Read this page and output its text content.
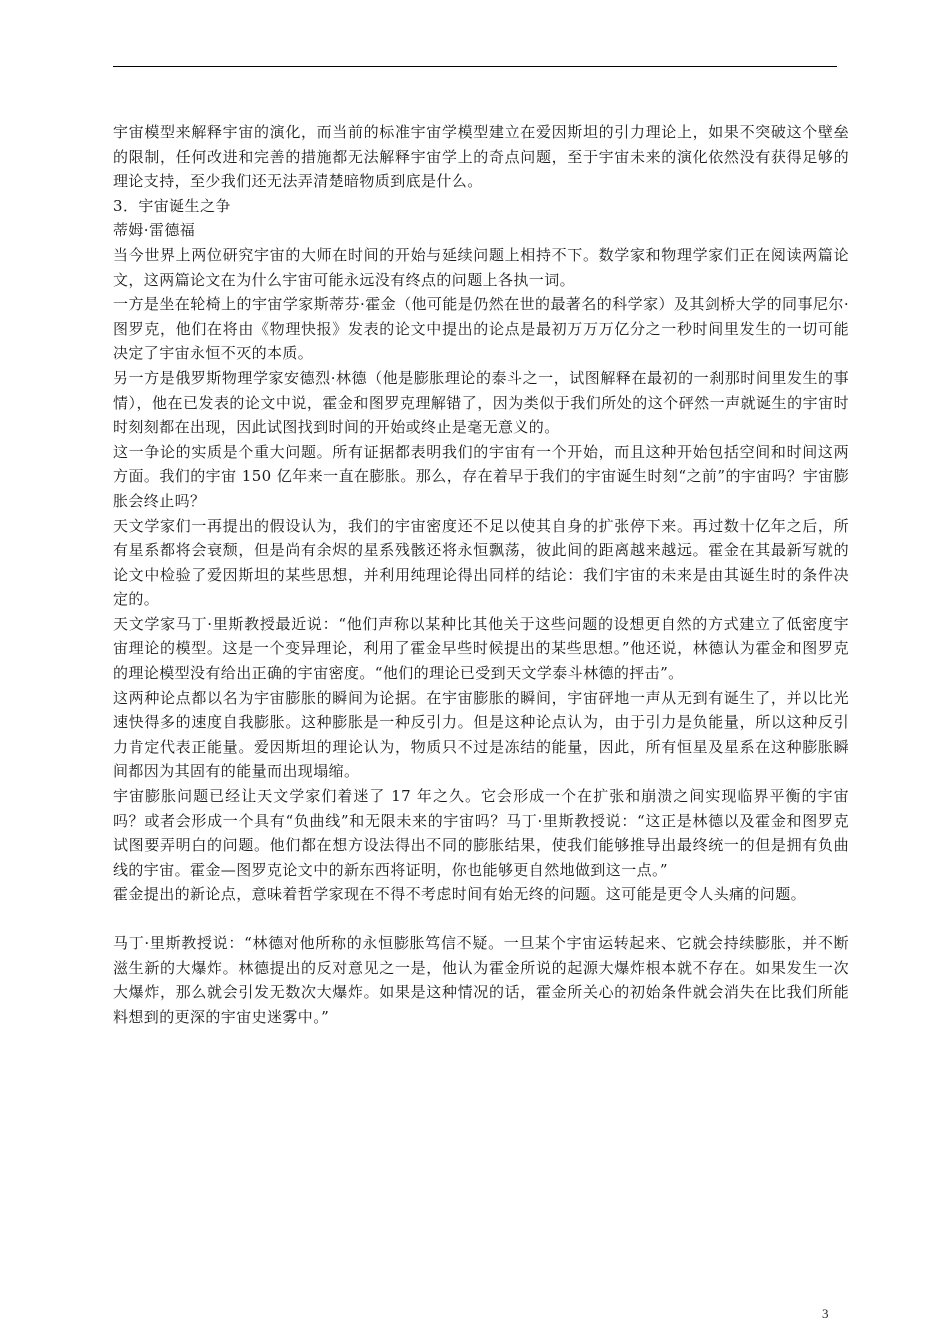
宇宙模型来解释宇宙的演化，而当前的标准宇宙学模型建立在爱因斯坦的引力理论上，如果不突破这个壁垒的限制，任何改进和完善的措施都无法解释宇宙学上的奇点问题，至于宇宙未来的演化依然没有获得足够的理论支持，至少我们还无法弄清楚暗物质到底是什么。

3．宇宙诞生之争

蒂姆·雷德福

当今世界上两位研究宇宙的大师在时间的开始与延续问题上相持不下。数学家和物理学家们正在阅读两篇论文，这两篇论文在为什么宇宙可能永远没有终点的问题上各执一词。

一方是坐在轮椅上的宇宙学家斯蒂芬·霍金（他可能是仍然在世的最著名的科学家）及其剑桥大学的同事尼尔·图罗克，他们在将由《物理快报》发表的论文中提出的论点是最初万万万亿分之一秒时间里发生的一切可能决定了宇宙永恒不灭的本质。

另一方是俄罗斯物理学家安德烈·林德（他是膨胀理论的泰斗之一，试图解释在最初的一刹那时间里发生的事情），他在已发表的论文中说，霍金和图罗克理解错了，因为类似于我们所处的这个砰然一声就诞生的宇宙时时刻刻都在出现，因此试图找到时间的开始或终止是毫无意义的。

这一争论的实质是个重大问题。所有证据都表明我们的宇宙有一个开始，而且这种开始包括空间和时间这两方面。我们的宇宙 150 亿年来一直在膨胀。那么，存在着早于我们的宇宙诞生时刻“之前”的宇宙吗？宇宙膨胀会终止吗？

天文学家们一再提出的假设认为，我们的宇宙密度还不足以使其自身的扩张停下来。再过数十亿年之后，所有星系都将会衰颓，但是尚有余烬的星系残骸还将永恒飘荡，彼此间的距离越来越远。霍金在其最新写就的论文中检验了爱因斯坦的某些思想，并利用纯理论得出同样的结论：我们宇宙的未来是由其诞生时的条件决定的。

天文学家马丁·里斯教授最近说：“他们声称以某种比其他关于这些问题的设想更自然的方式建立了低密度宇宙理论的模型。这是一个变异理论，利用了霍金早些时候提出的某些思想。”他还说，林德认为霍金和图罗克的理论模型没有给出正确的宇宙密度。“他们的理论已受到天文学泰斗林德的抨击”。

这两种论点都以名为宇宙膨胀的瞬间为论据。在宇宙膨胀的瞬间，宇宙砰地一声从无到有诞生了，并以比光速快得多的速度自我膨胀。这种膨胀是一种反引力。但是这种论点认为，由于引力是负能量，所以这种反引力肯定代表正能量。爱因斯坦的理论认为，物质只不过是冻结的能量，因此，所有恒星及星系在这种膨胀瞬间都因为其固有的能量而出现塌缩。

宇宙膨胀问题已经让天文学家们着迷了 17 年之久。它会形成一个在扩张和崩溃之间实现临界平衡的宇宙吗？或者会形成一个具有“负曲线”和无限未来的宇宙吗？马丁·里斯教授说：“这正是林德以及霍金和图罗克试图要弄明白的问题。他们都在想方设法得出不同的膨胀结果，使我们能够推导出最终统一的但是拥有负曲线的宇宙。霍金—图罗克论文中的新东西将证明，你也能够更自然地做到这一点。”

霍金提出的新论点，意味着哲学家现在不得不考虑时间有始无终的问题。这可能是更令人头痛的问题。

马丁·里斯教授说：“林德对他所称的永恒膨胀笃信不疑。一旦某个宇宙运转起来、它就会持续膨胀，并不断滋生新的大爆炸。林德提出的反对意见之一是，他认为霍金所说的起源大爆炸根本就不存在。如果发生一次大爆炸，那么就会引发无数次大爆炸。如果是这种情况的话，霍金所关心的初始条件就会消失在比我们所能料想到的更深的宇宙史迷雾中。”

3
